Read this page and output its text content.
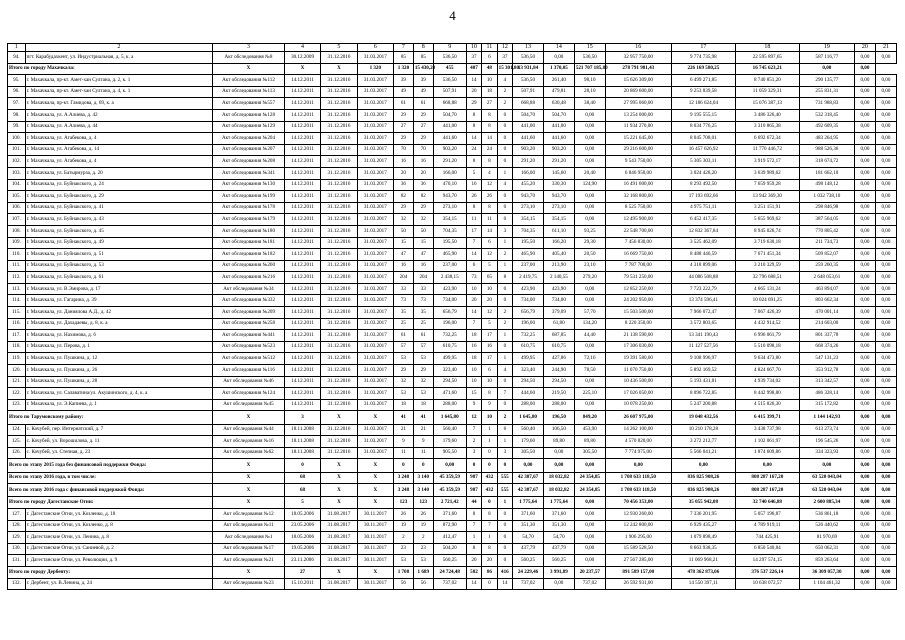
4
1	2	3	4	5	6	7	8	9	10	11	12	13	14	15	16	17	18	19	20	21
94.	пгт. Карабудахкент, ул. Индустриальная, д. 5, к. а	Акт обследования №8	30.12.2009	31.12.2016	31.03.2017	85	85	536,50	37	6	37	536,50	0,00	536,50	32 957 750,00	9 774 735,98	22 595 897,65	587 116,77	0,00	0,00
Итого по городу Махачкала:		X	X	X	1 320	1 320	15 430,20	455	407	48	15 301,80	13 931,84	1 370,05	521 707 185,80	278 791 981,43	226 169 580,25	16 745 623,21	0,00	0,00	
95.	г. Махачкала, пр-кт. Амет-хан Султана, д. 2, к. 1	Акт обследования №112	14.12.2011	31.12.2016	31.03.2017	39	39	536,50	14	10	4	536,50	261,40	98,10	15 626 309,00	6 499 271,85	8 740 851,20	290 135,77	0,00	0,00
96.	г. Махачкала, пр-кт. Амет-хан Султана, д. 4, к. 1	Акт обследования №113	14.12.2011	31.12.2016	31.03.2017	49	49	507,91	20	18	2	507,91	479,81	28,10	20 869 600,00	9 253 839,58	11 059 329,31	255 831,31	0,00	0,00
97.	г. Махачкала, пр-кт. Гамидова, д. 69, к. а	Акт обследования №557	14.12.2011	31.12.2016	31.03.2017	61	61	668,88	29	27	2	668,88	630,48	38,40	27 995 060,00	12 186 624,04	15 076 387,13	731 988,83	0,00	0,00
98.	г. Махачкала, ул. А.Алиева, д. 42	Акт обследования №128	14.12.2011	31.12.2016	31.03.2017	29	29	504,70	8	8	0	504,70	504,70	0,00	13 254 000,00	9 195 555,15	3 486 326,40	532 318,45	0,00	0,00
99.	г. Махачкала, ул. А.Алиева, д. 44	Акт обследования №129	14.12.2011	31.12.2016	31.03.2017	27	27	441,00	8	8	0	441,00	441,00	0,00	11 934 270,00	8 034 776,25	3 310 865,38	492 609,35	0,00	0,00
100.	г. Махачкала, ул. Агабекова, д. 4	Акт обследования №204	14.12.2011	31.12.2016	31.03.2017	29	29	441,60	14	14	0	441,60	441,60	0,00	15 221 645,00	8 045 708,01	6 692 672,34	483 264,95	0,00	0,00
101.	г. Махачкала, ул. Агабекова, д. 14	Акт обследования №207	14.12.2011	31.12.2016	31.03.2017	70	70	903,20	24	24	0	903,20	903,20	0,00	29 216 600,00	16 457 626,92	11 770 446,72	988 526,36	0,00	0,00
102.	г. Махачкала, ул. Агабекова, д. 4	Акт обследования №208	14.12.2011	31.12.2016	31.03.2017	16	16	291,20	8	8	0	291,20	291,20	0,00	9 543 750,00	5 305 303,11	3 919 572,17	318 674,72	0,00	0,00
103.	г. Махачкала, ул. Батырмурза, д. 20	Акт обследования №341	14.12.2011	31.12.2016	31.03.2017	20	20	166,00	5	4	1	166,00	145,60	20,40	6 846 950,00	3 024 428,20	3 639 989,62	181 662,10	0,00	0,00
104.	г. Махачкала, ул. Буйнакского, д. 24	Акт обследования №130	14.12.2011	31.12.2016	31.03.2017	36	36	470,10	16	12	4	455,20	330,30	124,90	16 491 600,00	8 293 492,50	7 659 959,28	498 148,12	0,00	0,00
105.	г. Махачкала, ул. Буйнакского, д. 29	Акт обследования №199	14.12.2011	31.12.2016	31.03.2017	82	82	943,70	26	26	0	943,70	943,70	0,00	32 168 800,00	17 193 692,66	13 942 369,30	1 032 738,10	0,00	0,00
106.	г. Махачкала, ул. Буйнакского, д. 41	Акт обследования №178	14.12.2011	31.12.2016	31.03.2017	29	29	273,10	8	8	0	273,10	273,10	0,00	8 525 750,00	4 975 751,11	3 251 151,91	298 846,98	0,00	0,00
107.	г. Махачкала, ул. Буйнакского, д. 43	Акт обследования №179	14.12.2011	31.12.2016	31.03.2017	32	32	354,15	11	11	0	354,15	354,15	0,00	12 495 900,00	6 452 417,35	5 655 969,62	387 564,05	0,00	0,00
108.	г. Махачкала, ул. Буйнакского, д. 45	Акт обследования №180	14.12.2011	31.12.2016	31.03.2017	50	50	704,35	17	14	3	704,35	611,10	93,25	22 548 700,00	12 832 367,84	8 945 026,74	770 805,42	0,00	0,00
109.	г. Махачкала, ул. Буйнакского, д. 49	Акт обследования №181	14.12.2011	31.12.2016	31.03.2017	15	15	195,50	7	6	1	195,50	166,20	29,30	7 456 830,00	3 525 462,09	3 719 630,18	211 734,73	0,00	0,00
110.	г. Махачкала, ул. Буйнакского, д. 51	Акт обследования №182	14.12.2011	31.12.2016	31.03.2017	47	47	465,90	14	12	2	465,90	405,40	20,50	16 669 750,00	8 488 446,59	7 671 451,34	509 852,07	0,00	0,00
111.	г. Махачкала, ул. Буйнакского, д. 53	Акт обследования №260	14.12.2011	31.12.2016	31.03.2017	16	16	237,00	6	5	1	237,00	213,90	23,10	7 787 700,00	4 318 899,06	3 210 329,59	259 260,35	0,00	0,00
112.	г. Махачкала, ул. Буйнакского, д. 61	Акт обследования №216	14.12.2011	31.12.2016	31.03.2017	204	204	2 438,15	73	65	8	2 419,75	2 140,55	279,20	79 531 250,00	44 086 508,88	32 796 688,51	2 648 053,61	0,00	0,00
113.	г. Махачкала, ул. В.Эмирова, д. 17	Акт обследования №34	14.12.2011	31.12.2016	31.03.2017	33	33	423,90	10	10	0	423,90	423,90	0,00	12 852 250,00	7 723 222,79	4 665 131,24	463 894,07	0,00	0,00
114.	г. Махачкала, ул. Гагарина, д. 39	Акт обследования №332	14.12.2011	31.12.2016	31.03.2017	73	73	734,00	20	20	0	734,00	734,00	0,00	24 202 950,00	13 374 596,41	10 024 691,25	803 662,34	0,00	0,00
115.	г. Махачкала, ул. Даниялова А.Д., д. 42	Акт обследования №209	14.12.2011	31.12.2016	31.03.2017	35	35	656,79	14	12	2	656,79	379,09	57,70	15 503 500,00	7 966 072,47	7 067 426,39	470 001,14	0,00	0,00
116.	г. Махачкала, ул. Дахадаевы, д. 8, к. а	Акт обследования №258	14.12.2011	31.12.2016	31.03.2017	25	25	196,00	7	5	2	196,00	61,80	134,20	8 220 350,00	3 572 803,65	4 432 914,52	214 603,00	0,00	0,00
117.	г. Махачкала, ул. Нахимова, д. 6	Акт обследования №441	14.12.2011	31.12.2016	31.03.2017	61	61	732,25	18	17	1	732,25	687,85	44,40	21 138 590,00	13 341 190,43	6 996 061,79	801 337,78	0,00	0,00
118.	г. Махачкала, ул. Перова, д. 1	Акт обследования №523	14.12.2011	31.12.2016	31.03.2017	57	57	610,75	16	16	0	610,75	610,75	0,00	17 306 030,00	11 127 527,56	5 510 098,18	668 374,26	0,00	0,00
119.	г. Махачкала, ул. Пушкина, д. 12	Акт обследования №512	14.12.2011	31.12.2016	31.03.2017	53	53	499,95	18	17	1	499,95	427,86	72,16	19 391 580,00	9 108 996,97	9 634 473,80	547 131,23	0,00	0,00
120.	г. Махачкала, ул. Пушкина, д. 26	Акт обследования №116	14.12.2011	31.12.2016	31.03.2017	29	29	323,40	10	6	4	323,40	244,90	78,50	11 070 750,00	5 892 169,52	4 824 667,70	353 912,78	0,00	0,00
121.	г. Махачкала, ул. Пушкина, д. 28	Акт обследования №46	14.12.2011	31.12.2016	31.03.2017	32	32	294,50	10	10	0	294,50	294,50	0,00	10 436 500,00	5 193 431,81	4 939 734,02	313 342,57	0,00	0,00
122.	г. Махачкала, ул. Салаватина/ул. Акушинского, д. 4, к. а	Акт обследования №124	14.12.2011	31.12.2016	31.03.2017	53	53	471,60	15	8	7	444,60	219,50	225,10	17 026 050,00	8 096 722,85	8 442 998,80	486 328,14	0,00	0,00
123.	г. Махачкала, ул. Э.Капиева, д. 1	Акт обследования №45	14.12.2011	31.12.2016	31.03.2017	18	18	288,00	9	9	0	288,00	288,00	0,00	10 078 250,00	5 247 200,88	4 515 826,30	315 172,82	0,00	0,00
Итого по Тарумовскому району:		X	3	X	X	41	41	1 645,80	12	10	2	1 645,80	196,50	849,20	26 607 975,00	19 048 432,56	6 415 399,71	1 144 142,93	0,00	0,00
124.	с. Кочубей, пер. Интернатский, д. 7	Акт обследования №44	18.11.2008	31.12.2016	31.03.2017	21	21	560,40	7	1	6	560,40	106,50	453,90	14 262 100,00	10 210 178,28	3 438 737,98	613 273,74	0,00	0,00
125.	с. Кочубей, ул. Ворошилова, д. 11	Акт обследования №16	18.11.2008	31.12.2016	31.03.2017	9	9	179,60	2	1	1	179,60	89,80	89,80	4 570 820,00	3 272 212,77	1 102 061,97	196 545,26	0,00	0,00
126.	с. Кочубей, ул. Степная, д. 23	Акт обследования №62	18.11.2008	31.12.2016	31.03.2017	11	11	905,50	3	0	3	305,50	0,00	305,50	7 774 975,00	5 566 041,21	1 874 609,86	334 323,93	0,00	0,00
Всего по этапу 2015 года без финансовой поддержки Фонда:		X	0	X	X	0	0	0,00	0	0	0	0,00	0,00	0,00	0,00	0,00	0,00	0,00	0,00	0,00
Всего по этапу 2016 года, в том числе:		X	68	X	X	3 248	3 140	45 359,59	987	432	555	42 387,67	18 032,82	24 354,85	1 708 633 118,50	836 825 908,26	808 287 167,20	63 520 043,04	0,00	0,00
Всего по этапу 2016 года с финансовой поддержкой Фонда:		X	68	X	X	3 248	3 140	45 359,59	987	432	555	42 387,67	18 032,82	24 354,85	1 708 633 118,50	836 825 908,26	808 287 167,20	63 520 043,04	0,00	0,00
Итого по городу Дагестанские Огни:		X	5	X	X	123	123	2 721,42	44	0	1	1 775,64	1 775,64	0,00	70 456 353,00	35 055 942,08	32 740 646,88	2 600 885,34	0,00	0,00
127.	г. Дагестанские Огни, ул. Козленко, д. 18	Акт обследования №12	18.05.2006	31.08.2017	30.11.2017	26	26	371,60	8	8	0	371,60	371,60	0,00	12 930 260,00	7 336 201,95	5 057 196,87	536 861,18	0,00	0,00
128.	г. Дагестанские Огни, ул. Козленко, д. 8	Акт обследования №11	23.05.2006	31.08.2017	30.11.2017	19	19	872,90	7	7	0	351,30	351,30	0,00	12 242 800,00	6 929 435,27	4 789 919,11	526 440,62	0,00	0,00
129.	г. Дагестанские Огни, ул. Ленина, д. 8	Акт обследования №1	18.05.2006	31.08.2017	30.11.2017	2	2	412,47	1	1	0	54,70	54,70	0,00	1 906 295,00	1 079 898,49	744 425,91	81 970,69	0,00	0,00
130.	г. Дагестанские Огни, ул. Саниевой, д. 2	Акт обследования №17	19.05.2006	31.08.2017	30.11.2017	23	23	504,20	8	8	0	437,79	437,79	0,00	15 589 528,50	8 663 938,35	6 850 540,84	650 062,31	0,00	0,00
131.	г. Дагестанские Огни, ул. Революции, д. 9	Акт обследования №21	23.11.2006	31.08.2017	30.11.2017	53	53	560,25	20	20	0	560,25	560,25	0,00	27 567 285,00	11 069 968,21	14 297 574,15	859 263,64	0,00	0,00
Итого по городу Дербенту:		X	27	X	X	1 708	1 689	24 724,48	502	86	416	24 229,46	3 991,89	20 237,57	891 589 157,00	478 362 873,06	376 537 226,14	36 309 057,30	0,00	0,00
132.	г. Дербент, ул. В.Ленина, д. 24	Акт обследования №23	15.10.2011	31.08.2017	30.11.2017	56	56	737,02	14	0	14	737,02	0,00	737,02	26 592 931,00	14 550 397,11	10 638 072,57	1 104 461,32	0,00	0,00
